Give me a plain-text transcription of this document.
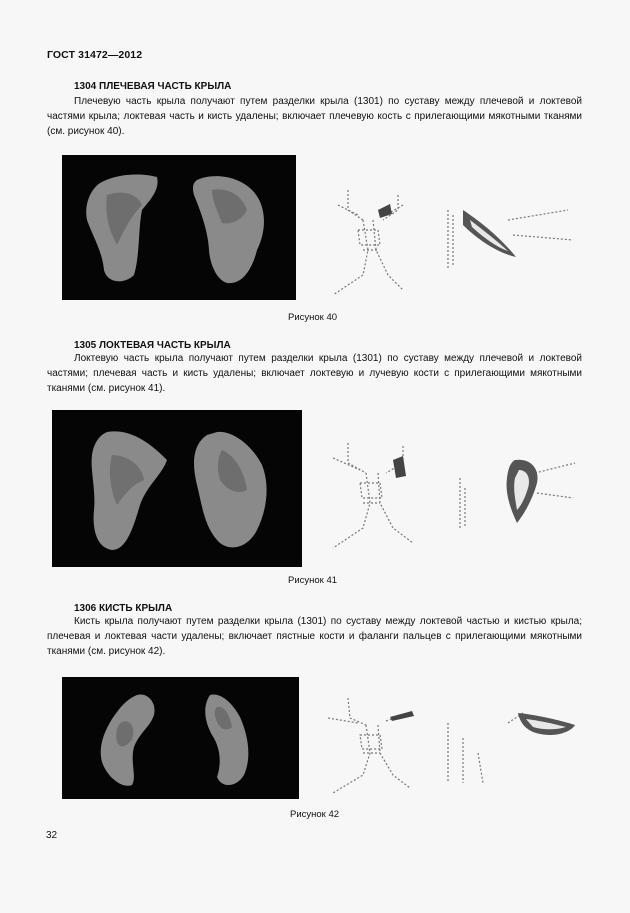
ГОСТ 31472—2012
1304 ПЛЕЧЕВАЯ ЧАСТЬ КРЫЛА

Плечевую часть крыла получают путем разделки крыла (1301) по суставу между плечевой и локтевой частями крыла; локтевая часть и кисть удалены; включает плечевую кость с прилегающими мякотными тканями (см. рисунок 40).

Рисунок 40
1305 ЛОКТЕВАЯ ЧАСТЬ КРЫЛА

Локтевую часть крыла получают путем разделки крыла (1301) по суставу между плечевой и локтевой частями; плечевая часть и кисть удалены; включает локтевую и лучевую кости с прилегающими мякотными тканями (см. рисунок 41).

Рисунок 41
1306 КИСТЬ КРЫЛА

Кисть крыла получают путем разделки крыла (1301) по суставу между локтевой частью и кистью крыла; плечевая и локтевая части удалены; включает пястные кости и фаланги пальцев с прилегающими мякотными тканями (см. рисунок 42).

Рисунок 42
32
